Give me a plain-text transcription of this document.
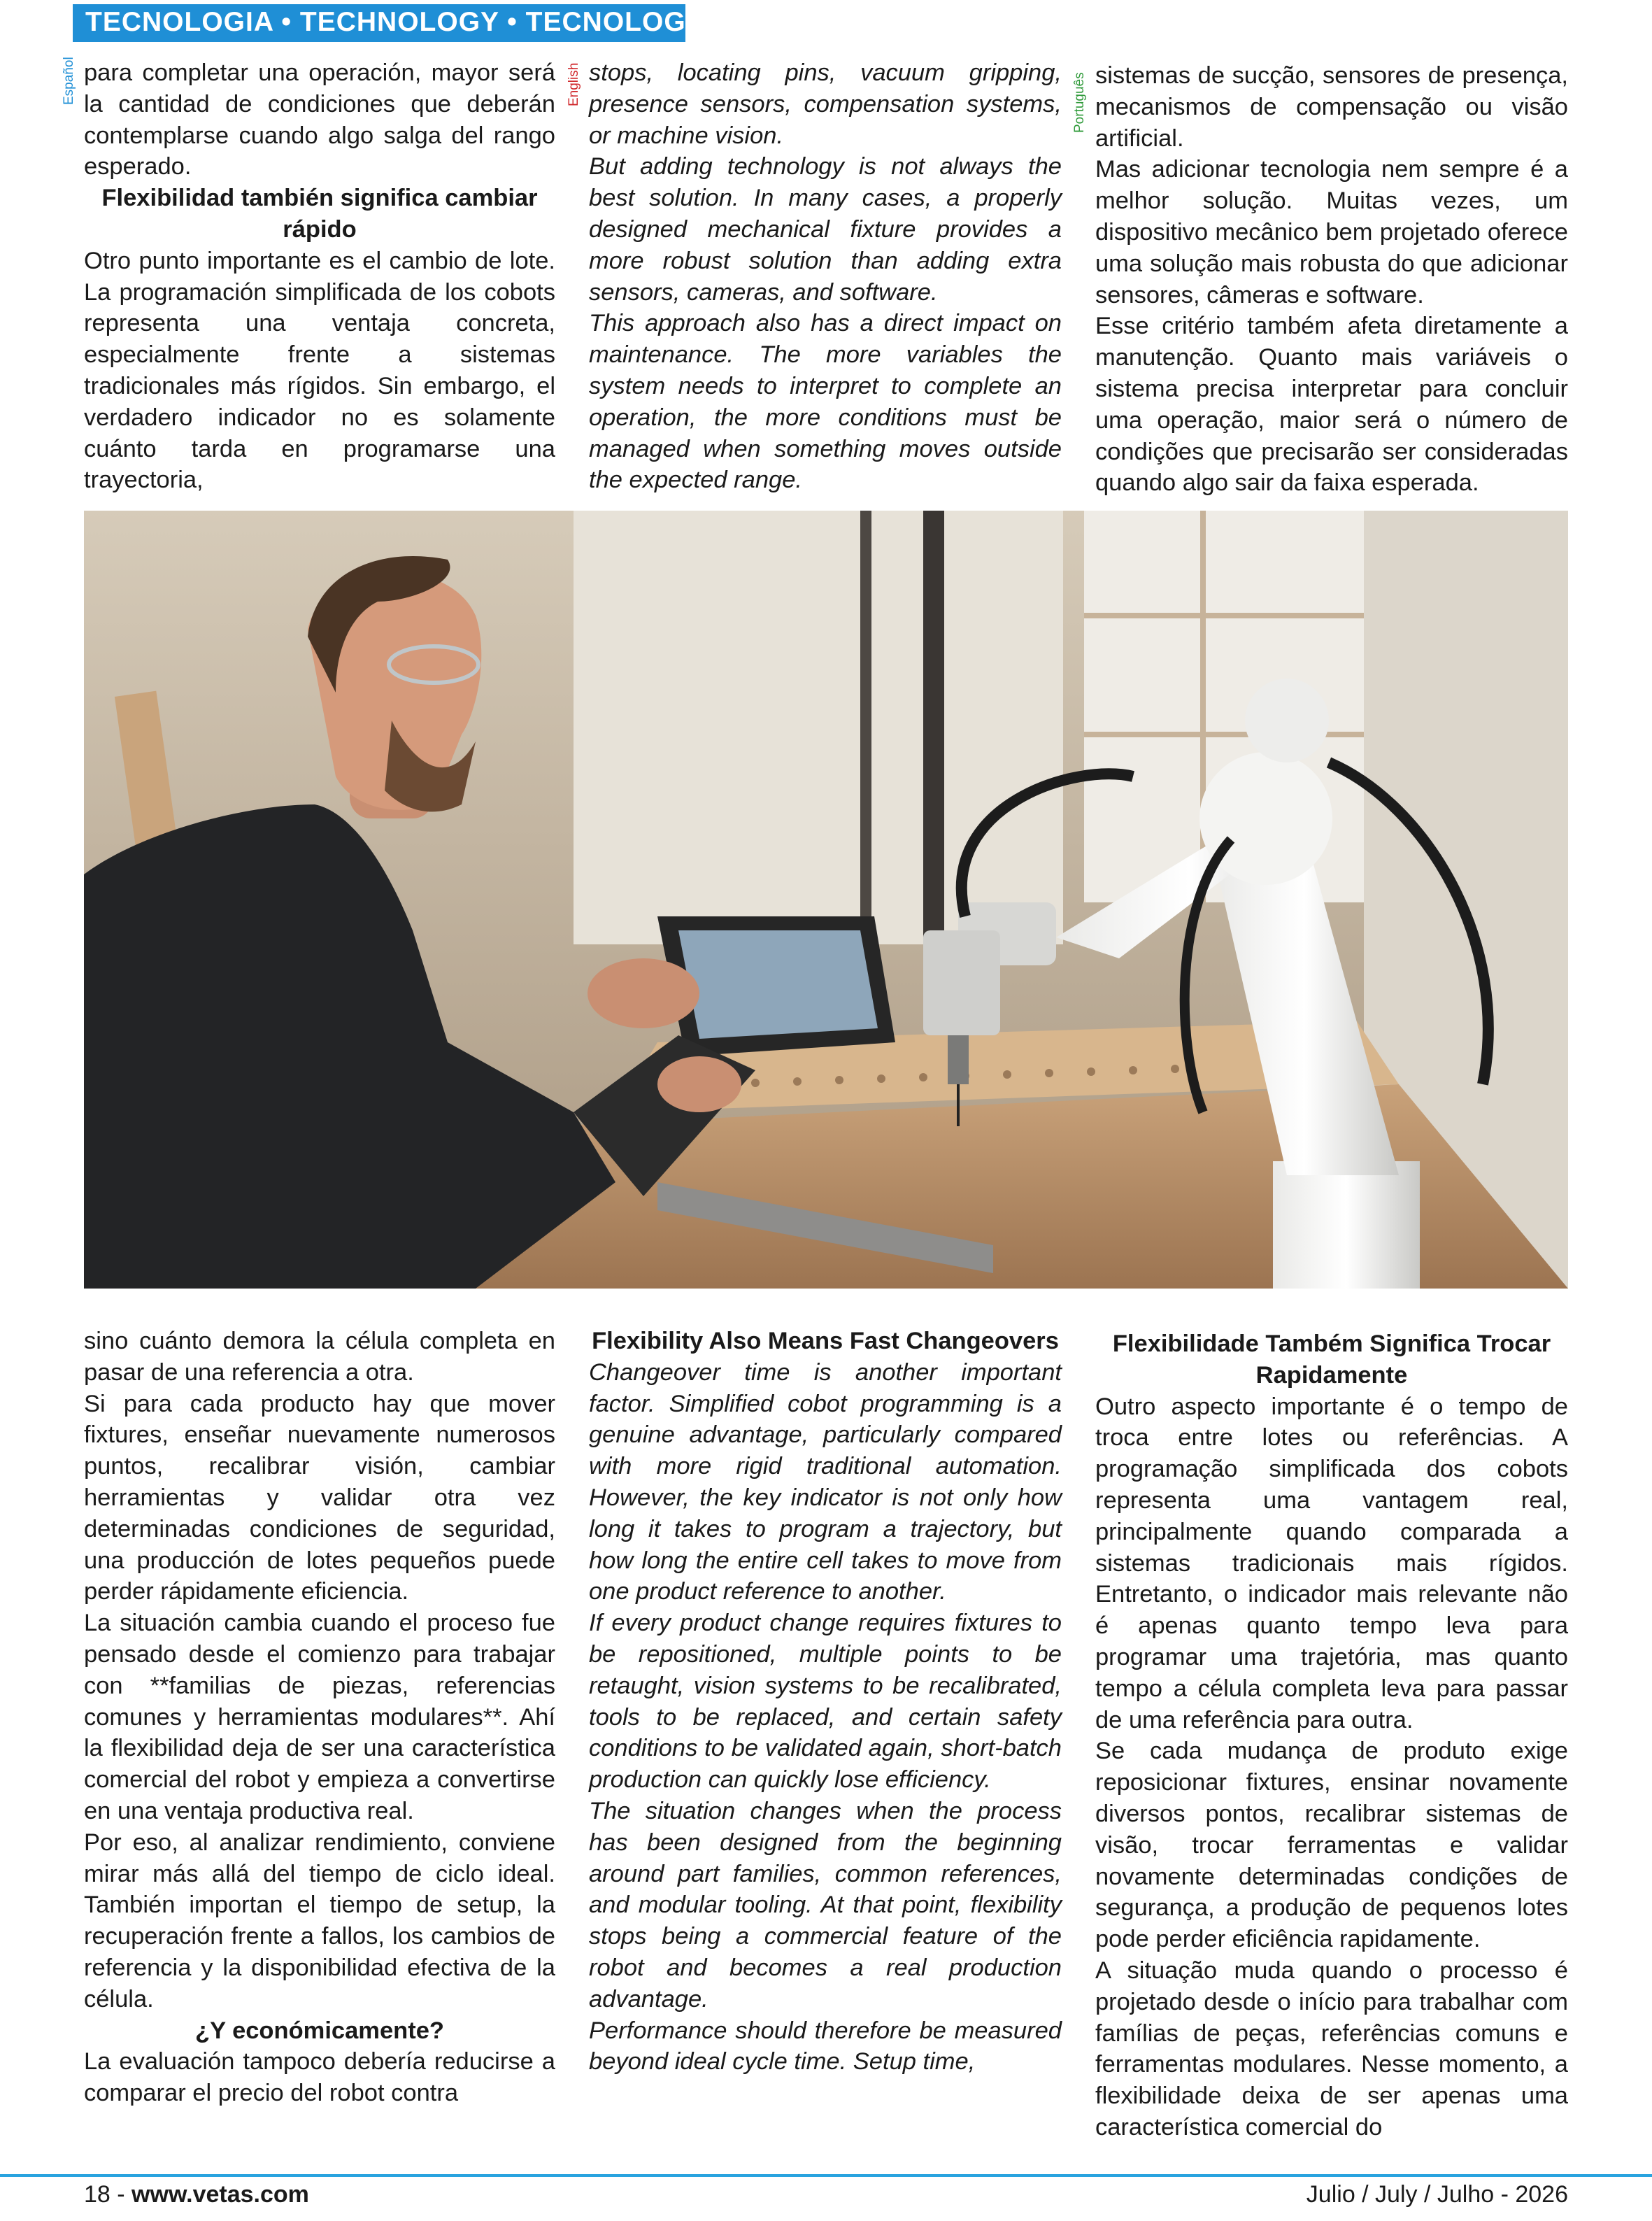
TECNOLOGIA • TECHNOLOGY • TECNOLOGIA
Español	English	Português

para completar una operación, mayor será la cantidad de condiciones que deberán contemplarse cuando algo salga del rango esperado.

Flexibilidad también significa cambiar rápido

Otro punto importante es el cambio de lote. La programación simplificada de los cobots representa una ventaja concreta, especialmente frente a sistemas tradicionales más rígidos. Sin embargo, el verdadero indicador no es solamente cuánto tarda en programarse una trayectoria,

stops, locating pins, vacuum gripping, presence sensors, compensation systems, or machine vision.

But adding technology is not always the best solution. In many cases, a properly designed mechanical fixture provides a more robust solution than adding extra sensors, cameras, and software.

This approach also has a direct impact on maintenance. The more variables the system needs to interpret to complete an operation, the more conditions must be managed when something moves outside the expected range.

sistemas de sucção, sensores de presença, mecanismos de compensação ou visão artificial.

Mas adicionar tecnologia nem sempre é a melhor solução. Muitas vezes, um dispositivo mecânico bem projetado oferece uma solução mais robusta do que adicionar sensores, câmeras e software.

Esse critério também afeta diretamente a manutenção. Quanto mais variáveis o sistema precisa interpretar para concluir uma operação, maior será o número de condições que precisarão ser consideradas quando algo sair da faixa esperada.

sino cuánto demora la célula completa en pasar de una referencia a otra.

Si para cada producto hay que mover fixtures, enseñar nuevamente numerosos puntos, recalibrar visión, cambiar herramientas y validar otra vez determinadas condiciones de seguridad, una producción de lotes pequeños puede perder rápidamente eficiencia.

La situación cambia cuando el proceso fue pensado desde el comienzo para trabajar con **familias de piezas, referencias comunes y herramientas modulares**. Ahí la flexibilidad deja de ser una característica comercial del robot y empieza a convertirse en una ventaja productiva real.

Por eso, al analizar rendimiento, conviene mirar más allá del tiempo de ciclo ideal. También importan el tiempo de setup, la recuperación frente a fallos, los cambios de referencia y la disponibilidad efectiva de la célula.

¿Y económicamente?

La evaluación tampoco debería reducirse a comparar el precio del robot contra

Flexibility Also Means Fast Changeovers

Changeover time is another important factor. Simplified cobot programming is a genuine advantage, particularly compared with more rigid traditional automation. However, the key indicator is not only how long it takes to program a trajectory, but how long the entire cell takes to move from one product reference to another.

If every product change requires fixtures to be repositioned, multiple points to be retaught, vision systems to be recalibrated, tools to be replaced, and certain safety conditions to be validated again, short-batch production can quickly lose efficiency.

The situation changes when the process has been designed from the beginning around part families, common references, and modular tooling. At that point, flexibility stops being a commercial feature of the robot and becomes a real production advantage.

Performance should therefore be measured beyond ideal cycle time. Setup time,

Flexibilidade Também Significa Trocar Rapidamente

Outro aspecto importante é o tempo de troca entre lotes ou referências. A programação simplificada dos cobots representa uma vantagem real, principalmente quando comparada a sistemas tradicionais mais rígidos. Entretanto, o indicador mais relevante não é apenas quanto tempo leva para programar uma trajetória, mas quanto tempo a célula completa leva para passar de uma referência para outra.

Se cada mudança de produto exige reposicionar fixtures, ensinar novamente diversos pontos, recalibrar sistemas de visão, trocar ferramentas e validar novamente determinadas condições de segurança, a produção de pequenos lotes pode perder eficiência rapidamente.

A situação muda quando o processo é projetado desde o início para trabalhar com famílias de peças, referências comuns e ferramentas modulares. Nesse momento, a flexibilidade deixa de ser apenas uma característica comercial do

18 - www.vetas.com	Julio / July / Julho - 2026
